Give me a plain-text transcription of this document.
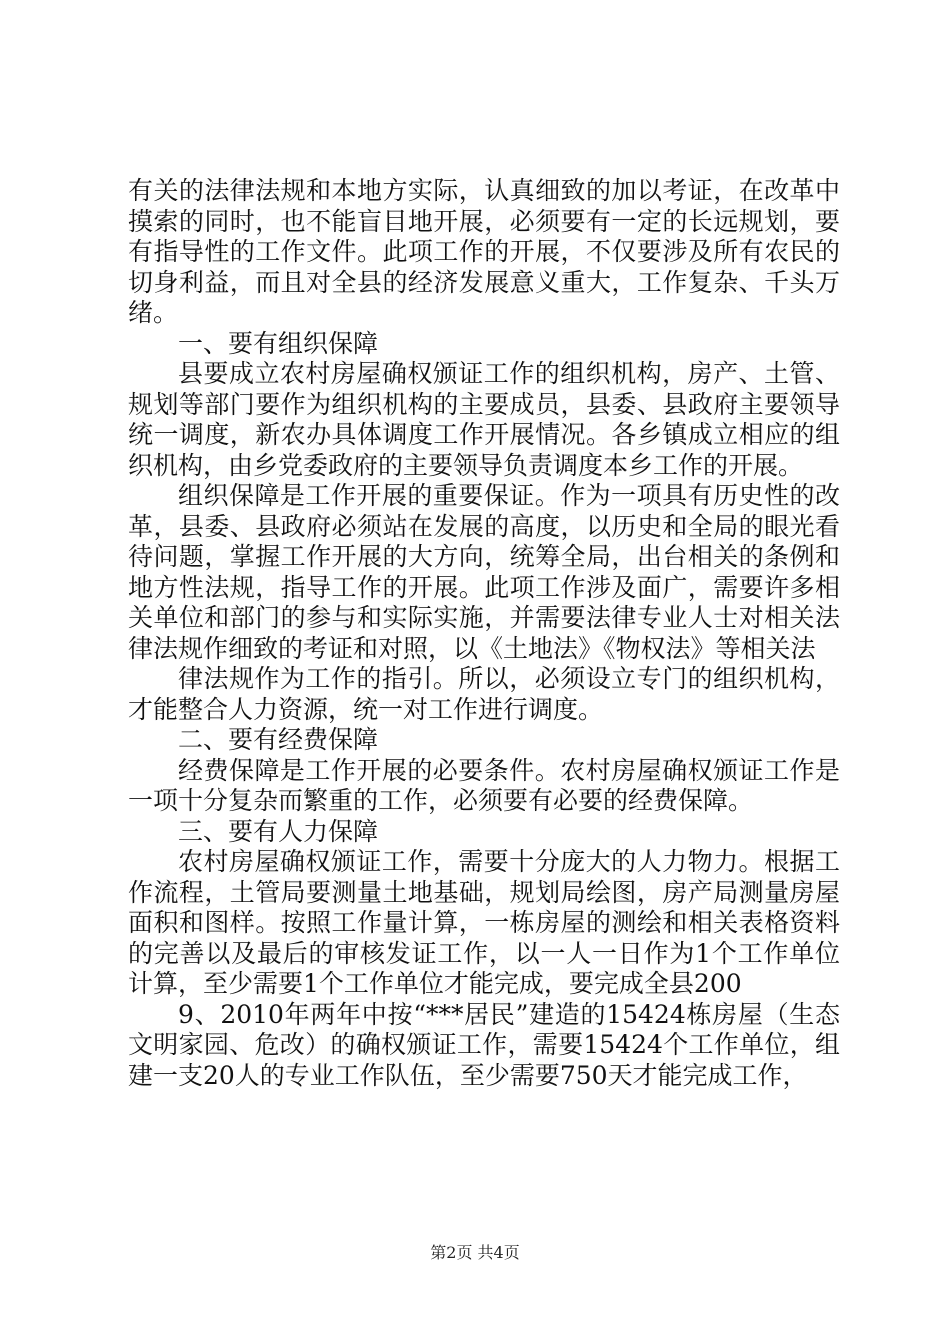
有关的法律法规和本地方实际，认真细致的加以考证，在改革中摸索的同时，也不能盲目地开展，必须要有一定的长远规划，要有指导性的工作文件。此项工作的开展，不仅要涉及所有农民的切身利益，而且对全县的经济发展意义重大，工作复杂、千头万绪。

一、要有组织保障

县要成立农村房屋确权颁证工作的组织机构，房产、土管、规划等部门要作为组织机构的主要成员，县委、县政府主要领导统一调度，新农办具体调度工作开展情况。各乡镇成立相应的组织机构，由乡党委政府的主要领导负责调度本乡工作的开展。

组织保障是工作开展的重要保证。作为一项具有历史性的改革，县委、县政府必须站在发展的高度，以历史和全局的眼光看待问题，掌握工作开展的大方向，统筹全局，出台相关的条例和地方性法规，指导工作的开展。此项工作涉及面广，需要许多相关单位和部门的参与和实际实施，并需要法律专业人士对相关法律法规作细致的考证和对照，以《土地法》《物权法》等相关法

律法规作为工作的指引。所以，必须设立专门的组织机构，才能整合人力资源，统一对工作进行调度。

二、要有经费保障

经费保障是工作开展的必要条件。农村房屋确权颁证工作是一项十分复杂而繁重的工作，必须要有必要的经费保障。

三、要有人力保障

农村房屋确权颁证工作，需要十分庞大的人力物力。根据工作流程，土管局要测量土地基础，规划局绘图，房产局测量房屋面积和图样。按照工作量计算，一栋房屋的测绘和相关表格资料的完善以及最后的审核发证工作，以一人一日作为1个工作单位计算，至少需要1个工作单位才能完成，要完成全县200

9、2010年两年中按“***居民”建造的15424栋房屋（生态文明家园、危改）的确权颁证工作，需要15424个工作单位，组建一支20人的专业工作队伍，至少需要750天才能完成工作，

第2页 共4页
